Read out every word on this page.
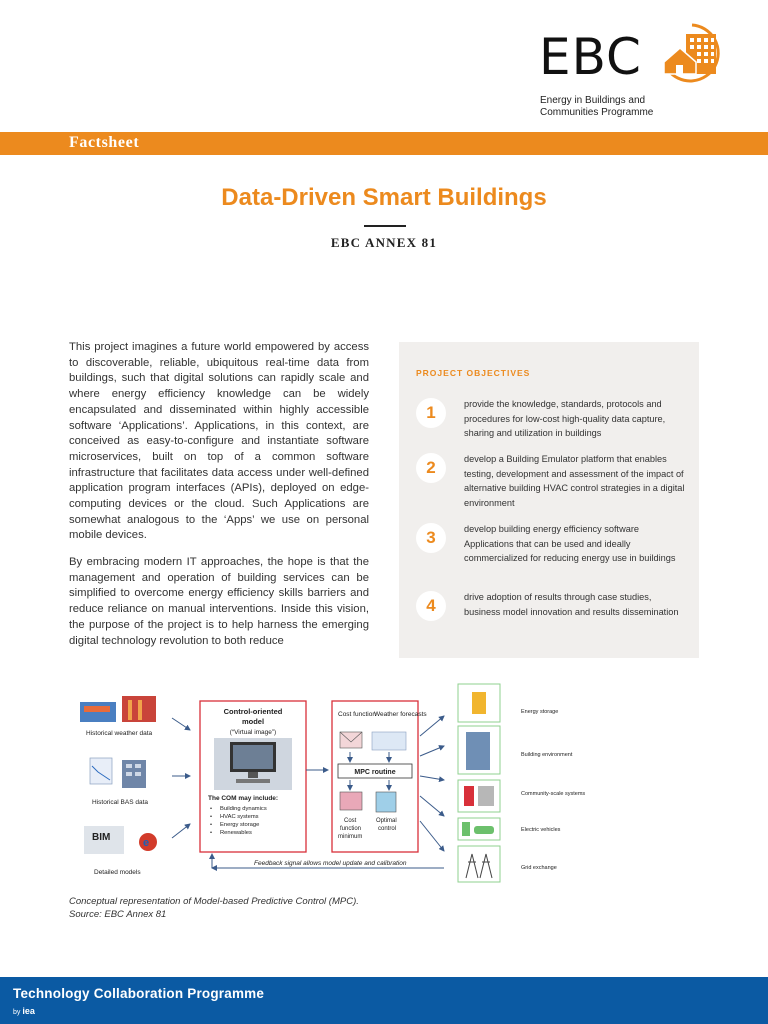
EBC
Energy in Buildings and Communities Programme
Factsheet
Data-Driven Smart Buildings
EBC ANNEX 81

This project imagines a future world empowered by access to discoverable, reliable, ubiquitous real-time data from buildings, such that digital solutions can rapidly scale and where energy efficiency knowledge can be widely encapsulated and disseminated within highly accessible software ‘Applications’. Applications, in this context, are conceived as easy-to-configure and instantiate software microservices, built on top of a common software infrastructure that facilitates data access under well-defined application program interfaces (APIs), deployed on edge-computing devices or the cloud. Such Applications are somewhat analogous to the ‘Apps’ we use on personal mobile devices.

By embracing modern IT approaches, the hope is that the management and operation of building services can be simplified to overcome energy efficiency skills barriers and reduce reliance on manual interventions. Inside this vision, the purpose of the project is to help harness the emerging digital technology revolution to both reduce

PROJECT OBJECTIVES
1	provide the knowledge, standards, protocols and procedures for low-cost high-quality data capture, sharing and utilization in buildings
2	develop a Building Emulator platform that enables testing, development and assessment of the impact of alternative building HVAC control strategies in a digital environment
3	develop building energy efficiency software Applications that can be used and ideally commercialized for reducing energy use in buildings
4	drive adoption of results through case studies, business model innovation and results dissemination
Historical weather data
Historical BAS data
BIM	e
Detailed models
Control-oriented
model
(“Virtual image”)
The COM may include:
• Building dynamics
• HVAC systems
• Energy storage
• Renewables
Cost function
Weather forecasts
MPC routine
Cost
function
minimum
Optimal
control
Feedback signal allows model update and calibration
Energy storage
Building environment
Community-scale systems
Electric vehicles
Grid exchange
Conceptual representation of Model-based Predictive Control (MPC).
Source: EBC Annex 81
Technology Collaboration Programme
by iea
